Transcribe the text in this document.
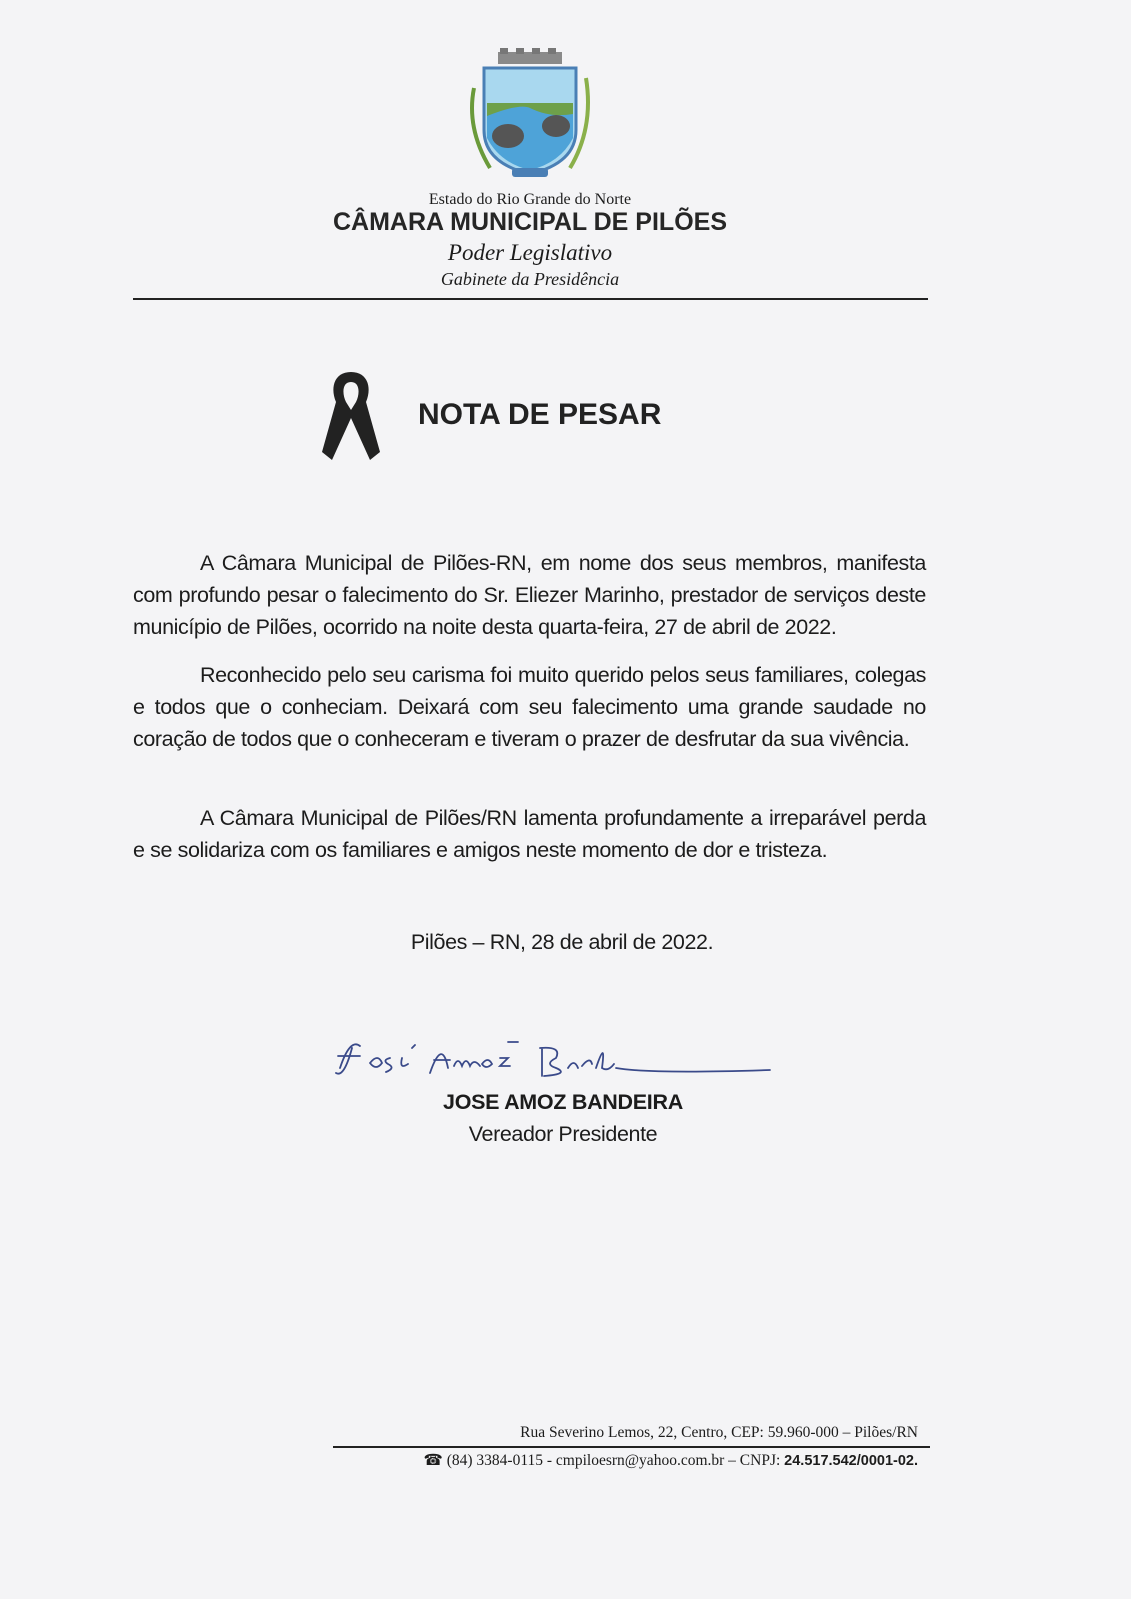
Estado do Rio Grande do Norte
CÂMARA MUNICIPAL DE PILÕES
Poder Legislativo
Gabinete da Presidência
NOTA DE PESAR
A Câmara Municipal de Pilões-RN, em nome dos seus membros, manifesta com profundo pesar o falecimento do Sr. Eliezer Marinho, prestador de serviços deste município de Pilões, ocorrido na noite desta quarta-feira, 27 de abril de 2022.
Reconhecido pelo seu carisma foi muito querido pelos seus familiares, colegas e todos que o conheciam. Deixará com seu falecimento uma grande saudade no coração de todos que o conheceram e tiveram o prazer de desfrutar da sua vivência.
A Câmara Municipal de Pilões/RN lamenta profundamente a irreparável perda e se solidariza com os familiares e amigos neste momento de dor e tristeza.
Pilões – RN, 28 de abril de 2022.
JOSE AMOZ BANDEIRA
Vereador Presidente
Rua Severino Lemos, 22, Centro, CEP: 59.960-000 – Pilões/RN
☎ (84) 3384-0115 - cmpiloesrn@yahoo.com.br – CNPJ: 24.517.542/0001-02.
